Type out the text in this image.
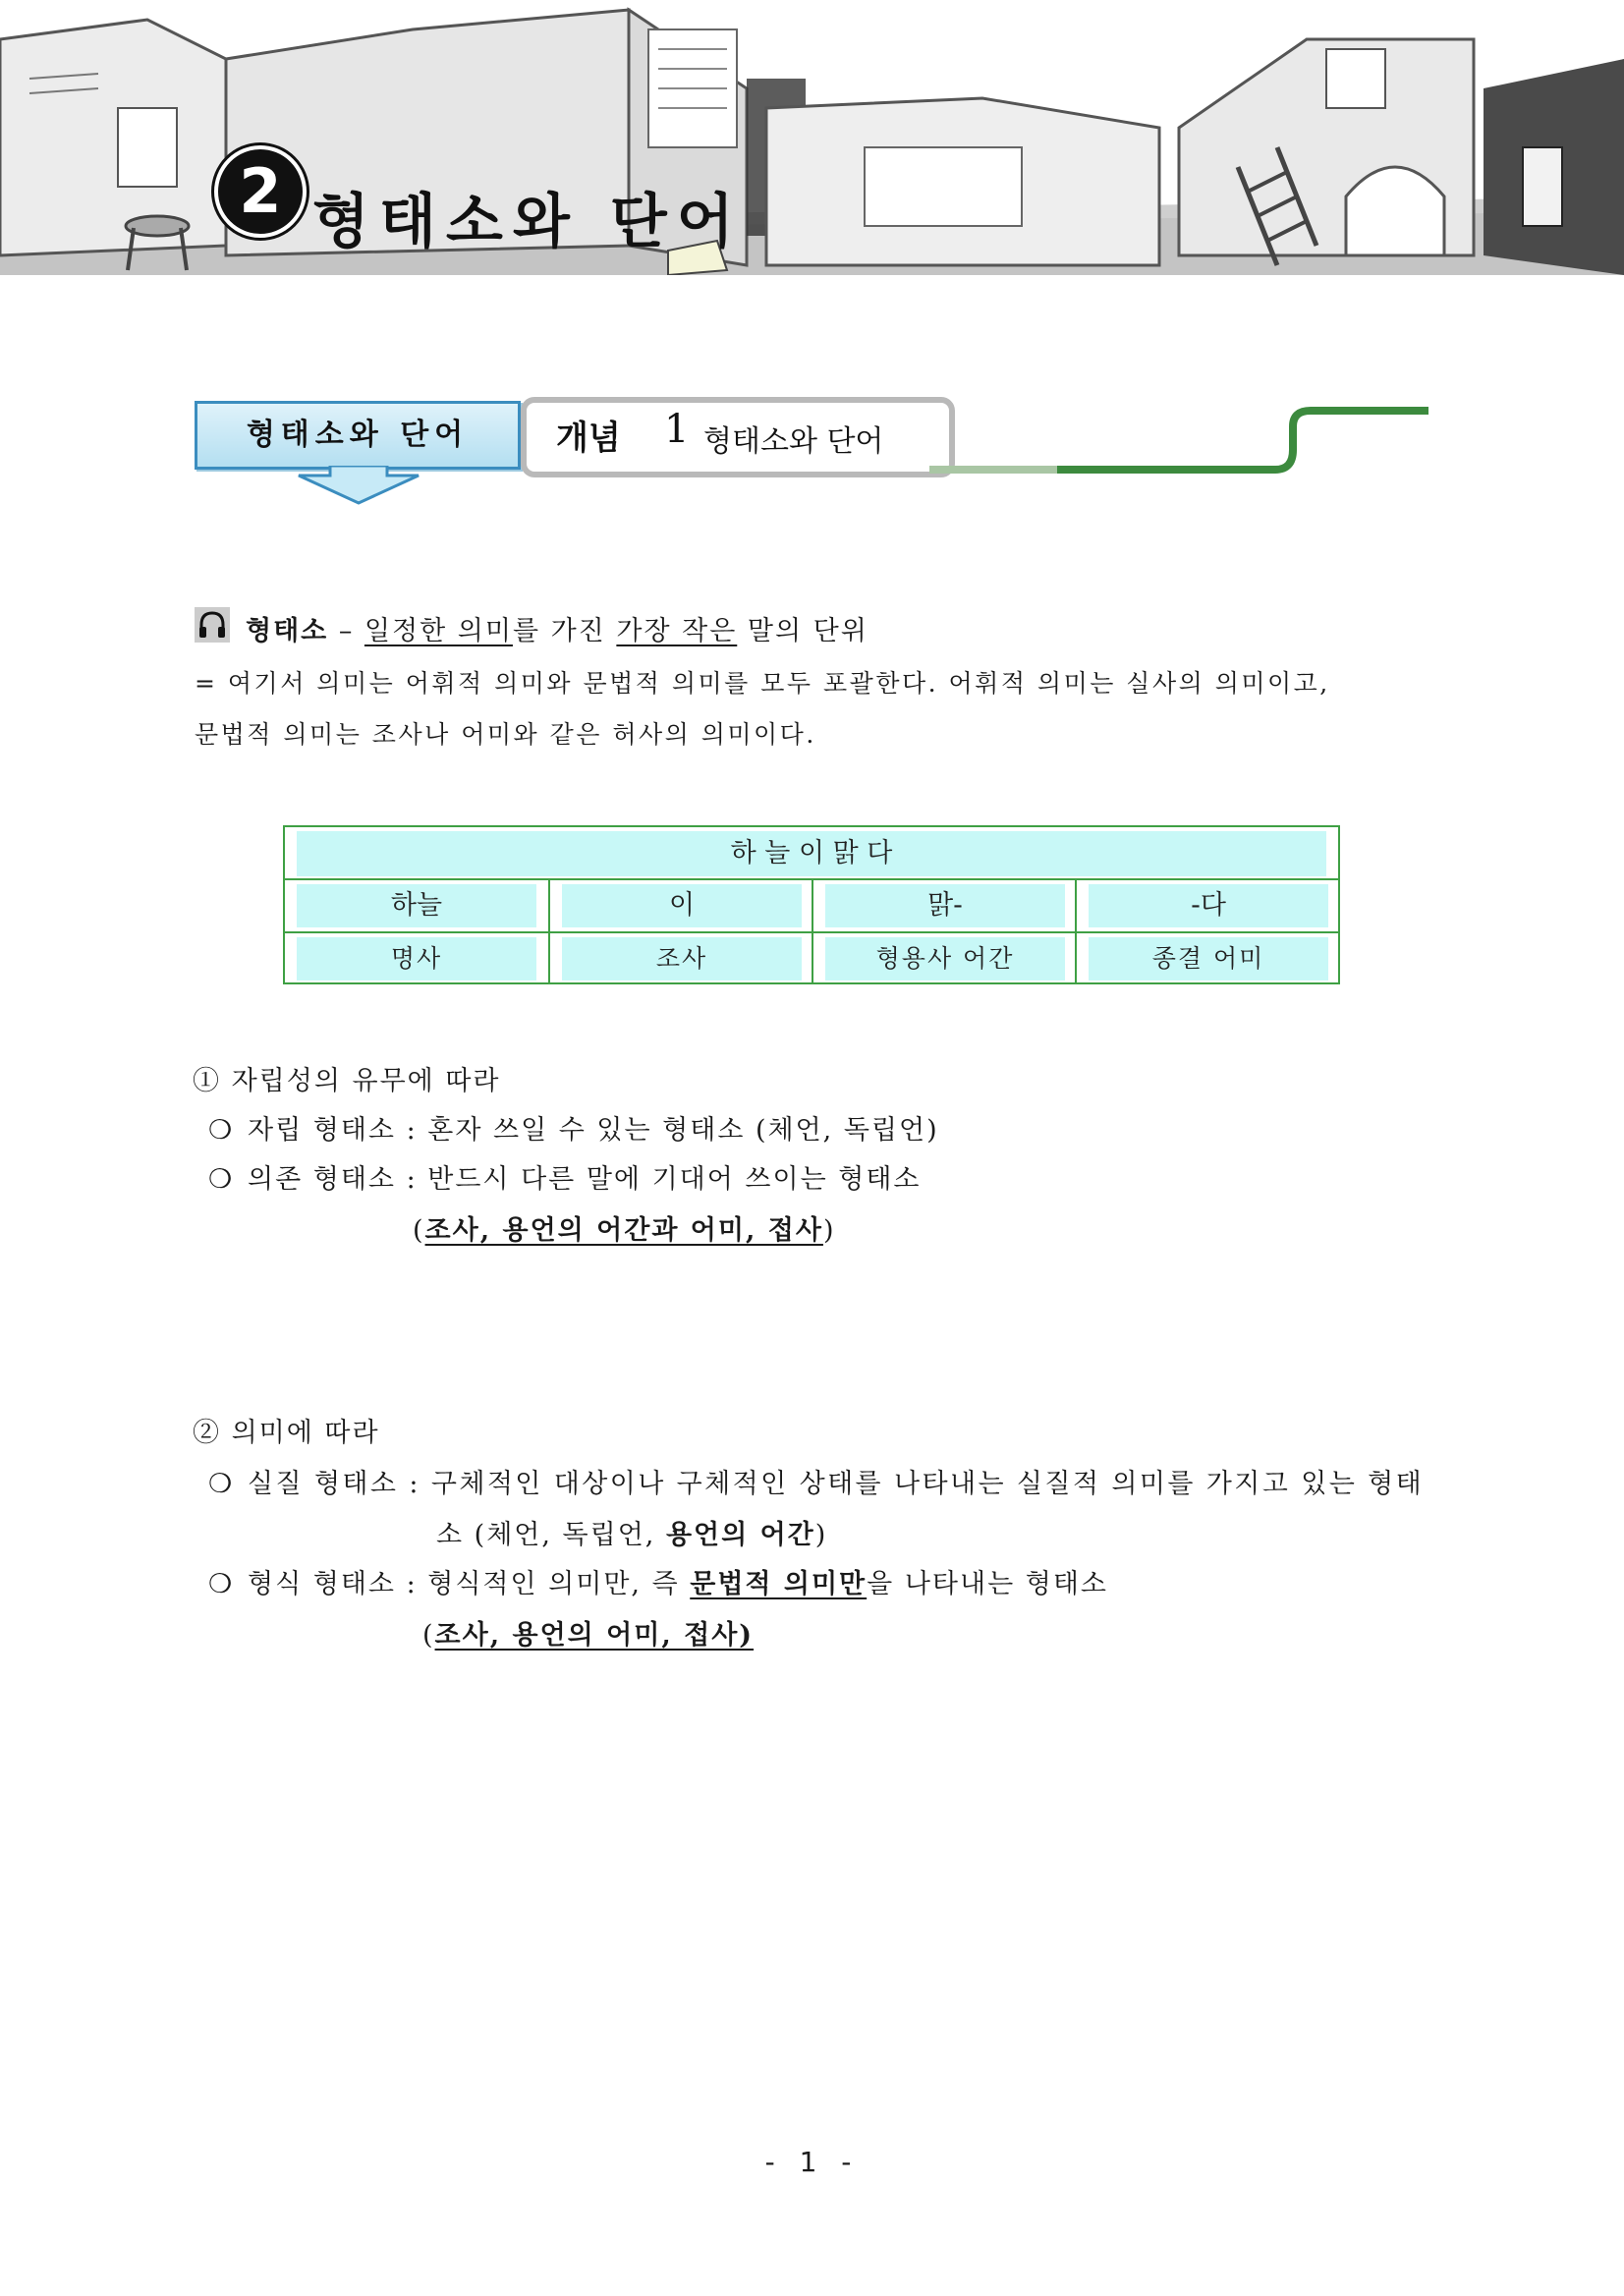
2 형태소와 단어
형태소와 단어	개념 1 형태소와 단어
형태소 – 일정한 의미를 가진 가장 작은 말의 단위
= 여기서 의미는 어휘적 의미와 문법적 의미를 모두 포괄한다. 어휘적 의미는 실사의 의미이고,
문법적 의미는 조사나 어미와 같은 허사의 의미이다.
하 늘 이 맑 다
하늘	이	맑-	-다
명사	조사	형용사 어간	종결 어미
① 자립성의 유무에 따라
❍ 자립 형태소 : 혼자 쓰일 수 있는 형태소 (체언, 독립언)
❍ 의존 형태소 : 반드시 다른 말에 기대어 쓰이는 형태소
(조사, 용언의 어간과 어미, 접사)
② 의미에 따라
❍ 실질 형태소 : 구체적인 대상이나 구체적인 상태를 나타내는 실질적 의미를 가지고 있는 형태
소 (체언, 독립언, 용언의 어간)
❍ 형식 형태소 : 형식적인 의미만, 즉 문법적 의미만을 나타내는 형태소
(조사, 용언의 어미, 접사)
- 1 -
